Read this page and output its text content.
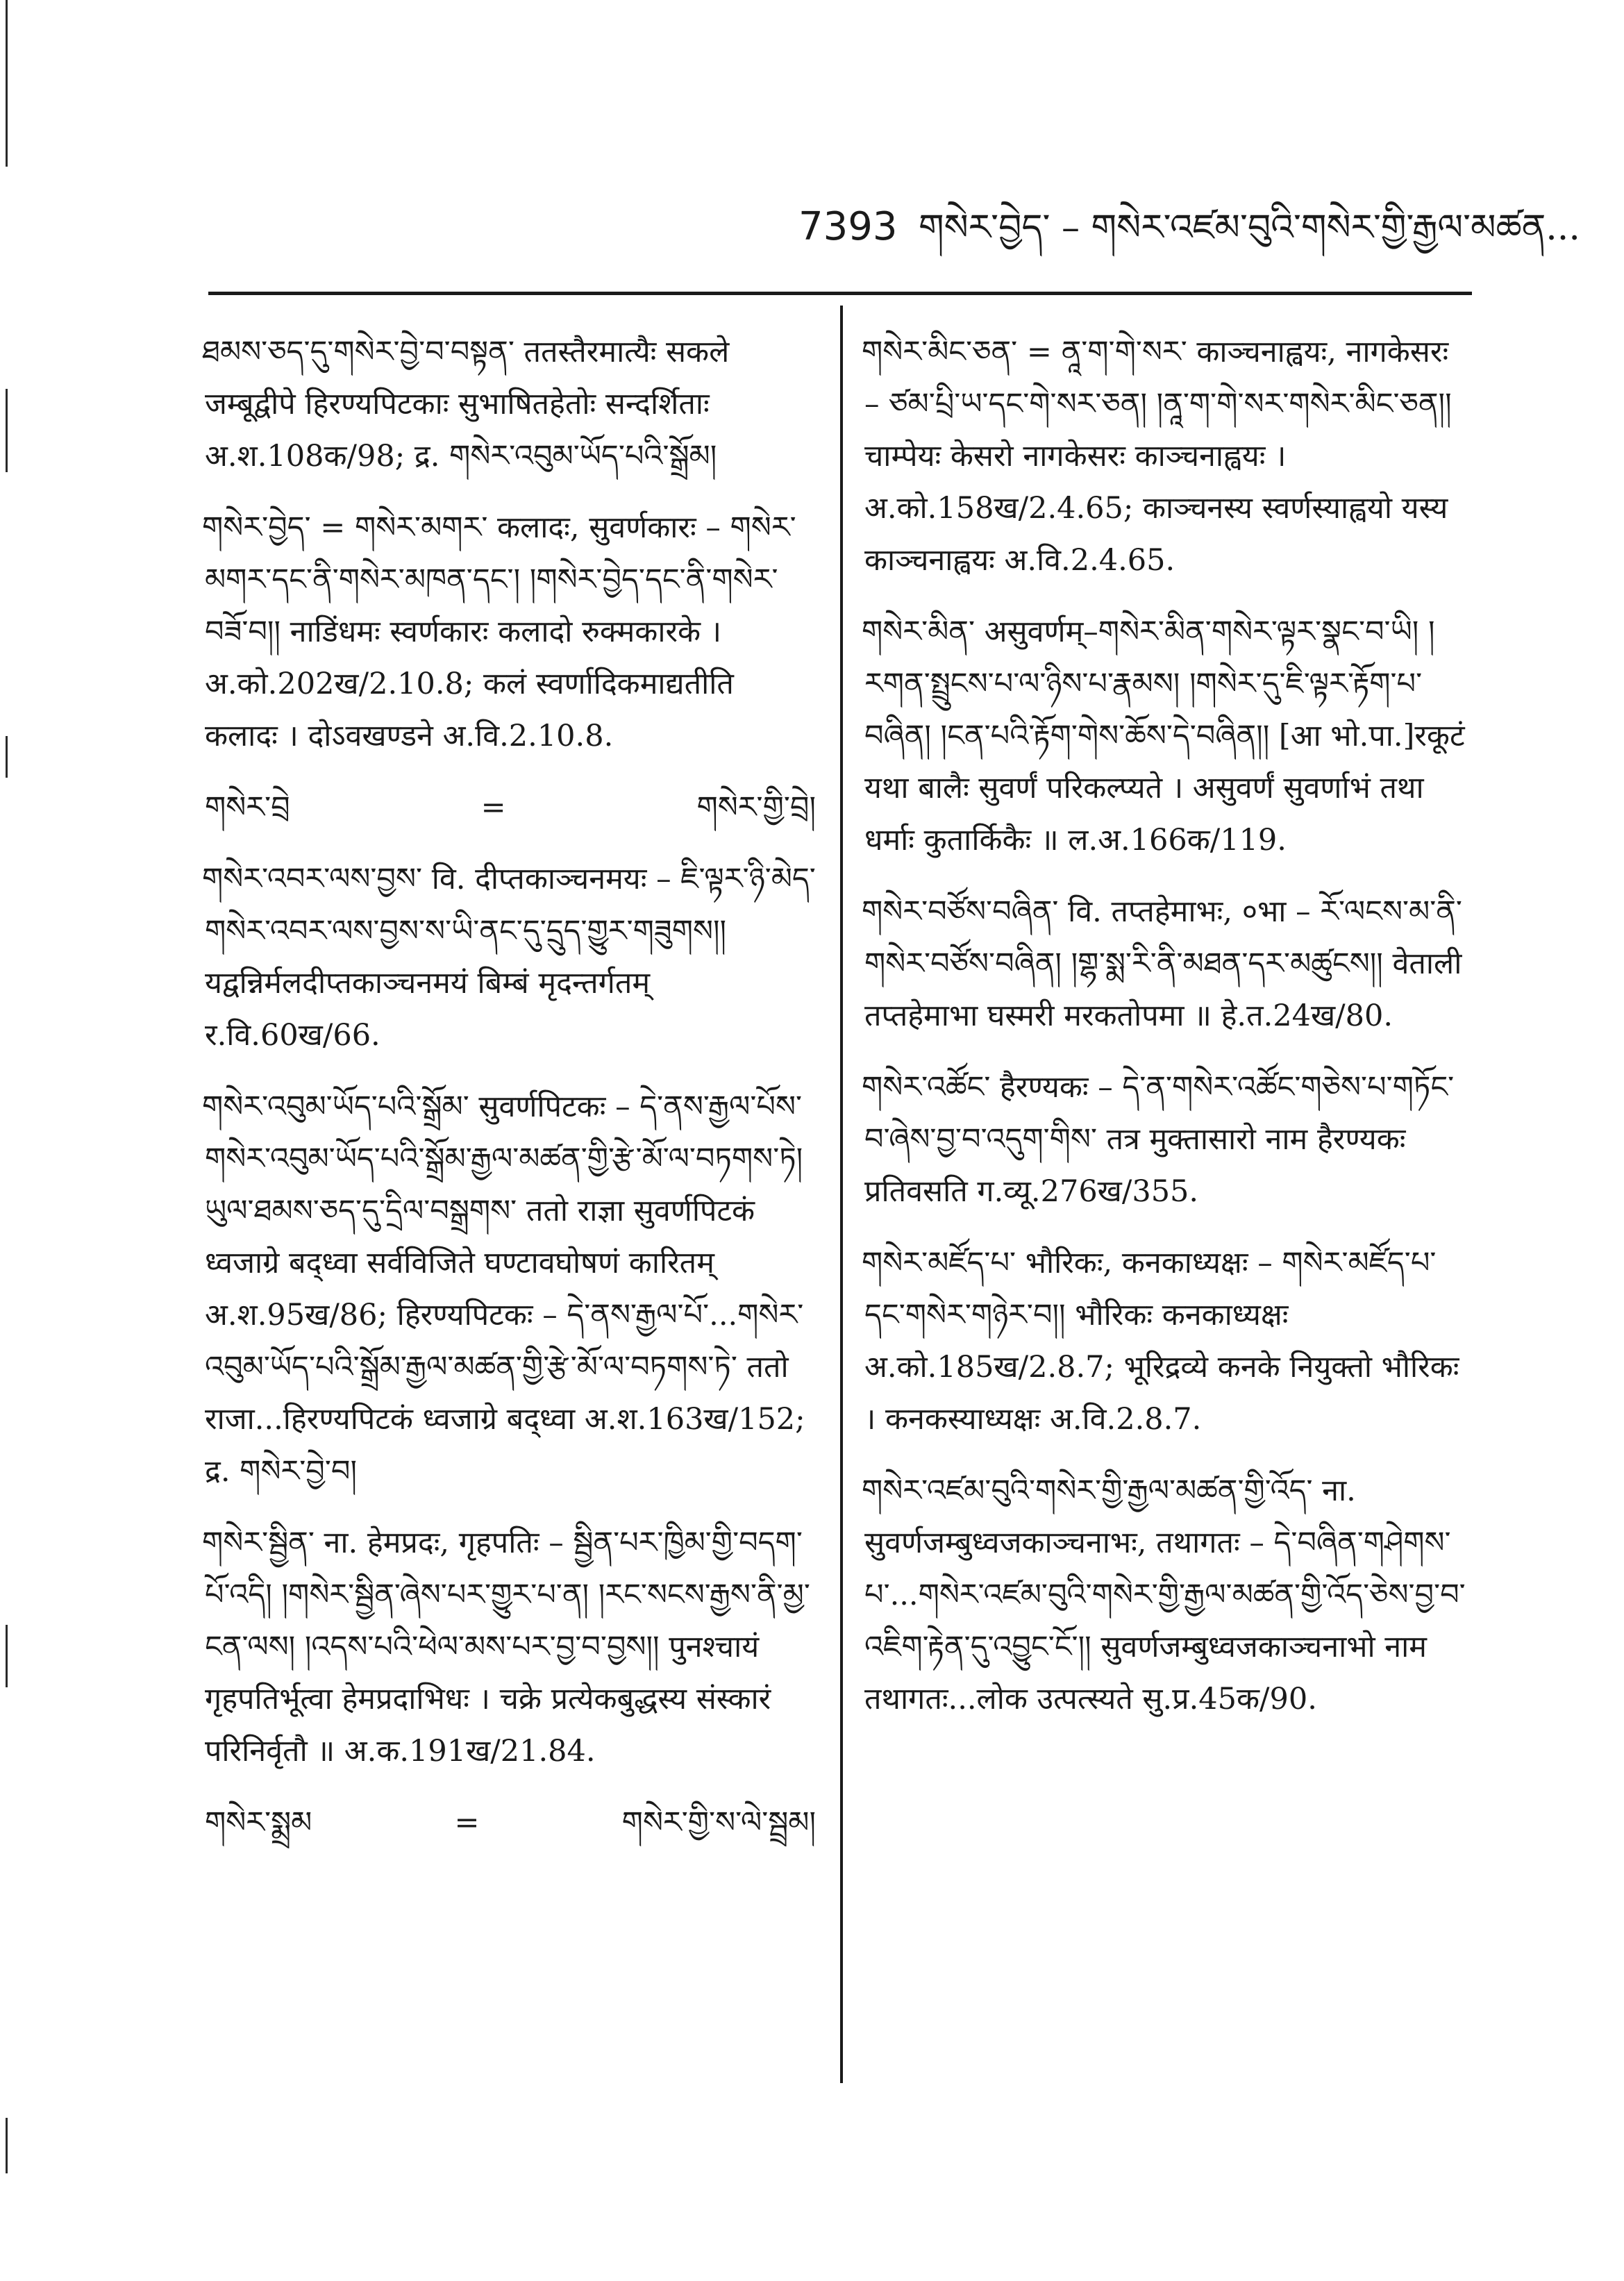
7393 གསེར་བྱེད་ – གསེར་འཛམ་བུའི་གསེར་གྱི་རྒྱལ་མཚན...

ཐམས་ཅད་དུ་གསེར་བྱེ་བ་བསྟན་ ततस्तैरमात्यैः सकले जम्बूद्वीपे हिरण्यपिटकाः सुभाषितहेतोः सन्दर्शिताः अ.श.108क/98; द्र. གསེར་འབུམ་ཡོད་པའི་སྒྲོམ།

གསེར་བྱེད་ = གསེར་མགར་ कलादः, सुवर्णकारः – གསེར་མགར་དང་ནི་གསེར་མཁན་དང་། །གསེར་བྱེད་དང་ནི་གསེར་བཟོ་བ།། नाडिंधमः स्वर्णकारः कलादो रुक्मकारके । अ.को.202ख/2.10.8; कलं स्वर्णादिकमाद्यतीति कलादः । दोऽवखण्डने अ.वि.2.10.8.

གསེར་བྲེ	=	གསེར་གྱི་བྲེ།

གསེར་འབར་ལས་བྱས་ वि. दीप्तकाञ्चनमयः – ཇི་ལྟར་ཉི་མེད་གསེར་འབར་ལས་བྱས་ས་ཡི་ནང་དུ་དྲུད་གྱུར་གཟུགས།། यद्वन्निर्मलदीप्तकाञ्चनमयं बिम्बं मृदन्तर्गतम् र.वि.60ख/66.

གསེར་འབུམ་ཡོད་པའི་སྒྲོམ་ सुवर्णपिटकः – དེ་ནས་རྒྱལ་པོས་གསེར་འབུམ་ཡོད་པའི་སྒྲོམ་རྒྱལ་མཚན་གྱི་རྩེ་མོ་ལ་བཏགས་ཏེ། ཡུལ་ཐམས་ཅད་དུ་དྲིལ་བསྒྲགས་ ततो राज्ञा सुवर्णपिटकं ध्वजाग्रे बद्ध्वा सर्वविजिते घण्टावघोषणं कारितम् अ.श.95ख/86; हिरण्यपिटकः – དེ་ནས་རྒྱལ་པོ་...གསེར་འབུམ་ཡོད་པའི་སྒྲོམ་རྒྱལ་མཚན་གྱི་རྩེ་མོ་ལ་བཏགས་ཏེ་ ततो राजा...हिरण्यपिटकं ध्वजाग्रे बद्ध्वा अ.श.163ख/152; द्र. གསེར་བྱེ་བ།

གསེར་སྦྱིན་ ना. हेमप्रदः, गृहपतिः – སྦྱིན་པར་ཁྱིམ་གྱི་བདག་པོ་འདི། །གསེར་སྦྱིན་ཞེས་པར་གྱུར་པ་ན། །རང་སངས་རྒྱས་ནི་མྱ་ངན་ལས། །འདས་པའི་ཕེལ་མས་པར་བྱ་བ་བྱས།། पुनश्चायं गृहपतिर्भूत्वा हेमप्रदाभिधः । चक्रे प्रत्येकबुद्धस्य संस्कारं परिनिर्वृतौ ॥ अ.क.191ख/21.84.

གསེར་སྨྲམ	=	གསེར་གྱི་ས་ལེ་སྦྲམ།

གསེར་མིང་ཅན་ = ནཱ་ག་གེ་སར་ काञ्चनाह्वयः, नागकेसरः – ཙམ་པྲི་ཡ་དང་གེ་སར་ཅན། །ནཱ་ག་གེ་སར་གསེར་མིང་ཅན།། चाम्पेयः केसरो नागकेसरः काञ्चनाह्वयः । अ.को.158ख/2.4.65; काञ्चनस्य स्वर्णस्याह्वयो यस्य काञ्चनाह्वयः अ.वि.2.4.65.

གསེར་མིན་ असुवर्णम्–གསེར་མིན་གསེར་ལྟར་སྣང་བ་ཡི། །རགན་སྤྲུངས་པ་ལ་ཉིས་པ་རྣམས། །གསེར་དུ་ཇི་ལྟར་རྟོག་པ་བཞིན། །ངན་པའི་རྟོག་གེས་ཆོས་དེ་བཞིན།། [आ भो.पा.]रकूटं यथा बालैः सुवर्णं परिकल्प्यते । असुवर्णं सुवर्णाभं तथा धर्माः कुतार्किकैः ॥ ल.अ.166क/119.

གསེར་བཙོས་བཞིན་ वि. तप्तहेमाभः, ०भा – རོ་ལངས་མ་ནི་གསེར་བཙོས་བཞིན། །གྷ་སྨ་རི་ནི་མཐན་དར་མཚུངས།། वेताली तप्तहेमाभा घस्मरी मरकतोपमा ॥ हे.त.24ख/80.

གསེར་འཚོང་ हैरण्यकः – དེ་ན་གསེར་འཚོང་གཅེས་པ་གཏོང་བ་ཞེས་བྱ་བ་འདུག་གིས་ तत्र मुक्तासारो नाम हैरण्यकः प्रतिवसति ग.व्यू.276ख/355.

གསེར་མཛོད་པ་ भौरिकः, कनकाध्यक्षः – གསེར་མཛོད་པ་དང་གསེར་གཉེར་བ།། भौरिकः कनकाध्यक्षः अ.को.185ख/2.8.7; भूरिद्रव्ये कनके नियुक्तो भौरिकः । कनकस्याध्यक्षः अ.वि.2.8.7.

གསེར་འཛམ་བུའི་གསེར་གྱི་རྒྱལ་མཚན་གྱི་འོད་ ना. सुवर्णजम्बुध्वजकाञ्चनाभः, तथागतः – དེ་བཞིན་གཤེགས་པ་...གསེར་འཛམ་བུའི་གསེར་གྱི་རྒྱལ་མཚན་གྱི་འོད་ཅེས་བྱ་བ་འཇིག་རྟེན་དུ་འབྱུང་ངོ་།། सुवर्णजम्बुध्वजकाञ्चनाभो नाम तथागतः...लोक उत्पत्स्यते सु.प्र.45क/90.
